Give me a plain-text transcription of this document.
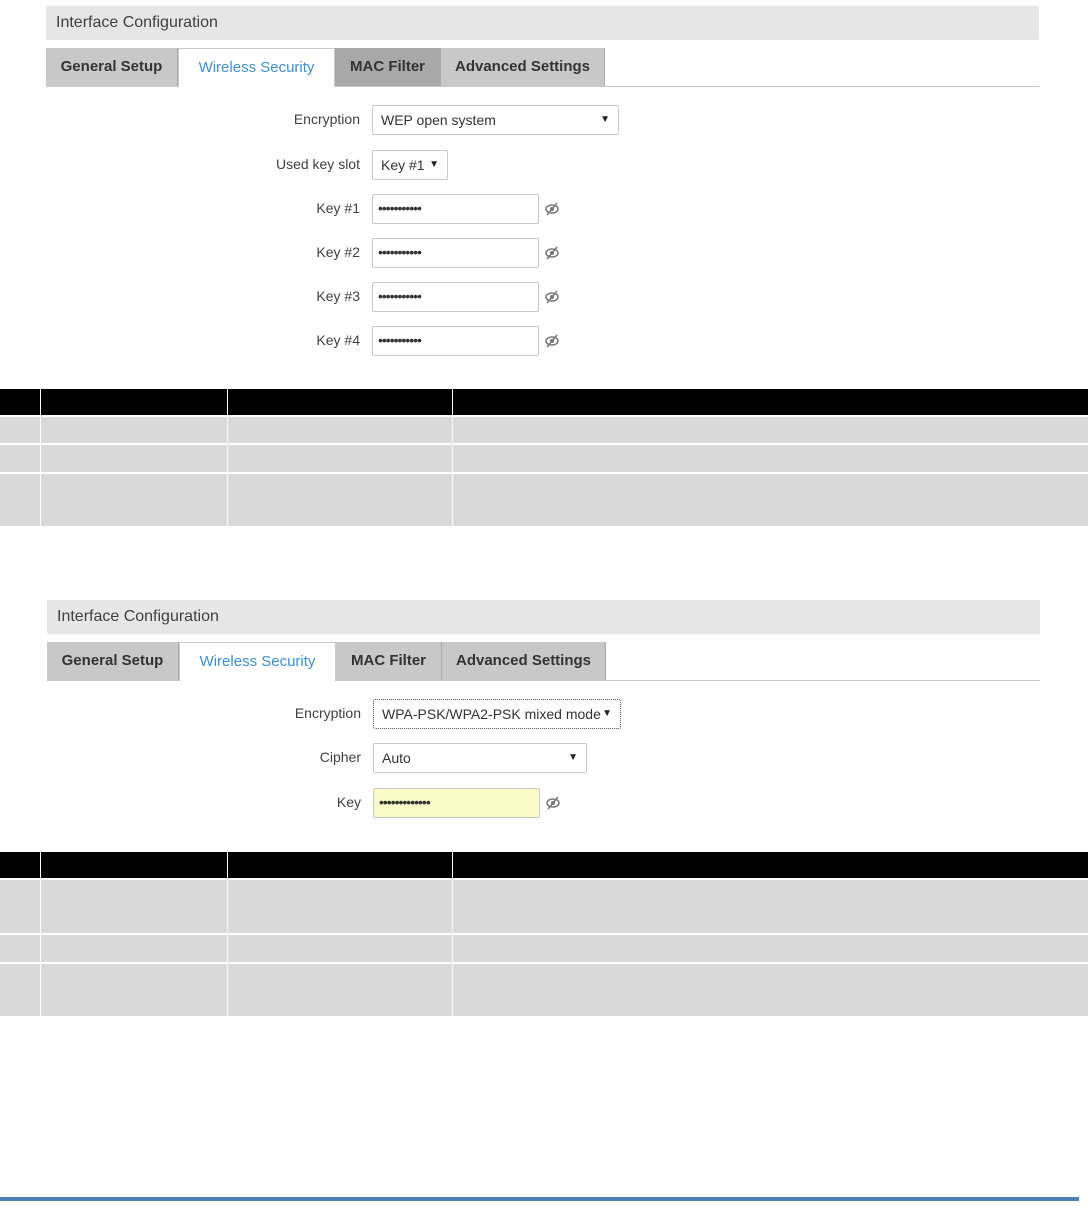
Interface Configuration
General Setup	Wireless Security	MAC Filter	Advanced Settings
Encryption	WEP open system	▼
Used key slot	Key #1 ▼
Key #1	•••••••••••
Key #2	•••••••••••
Key #3	•••••••••••
Key #4	•••••••••••

Interface Configuration
General Setup	Wireless Security	MAC Filter	Advanced Settings
Encryption	WPA-PSK/WPA2-PSK mixed mode ▼
Cipher	Auto	▼
Key	•••••••••••••
